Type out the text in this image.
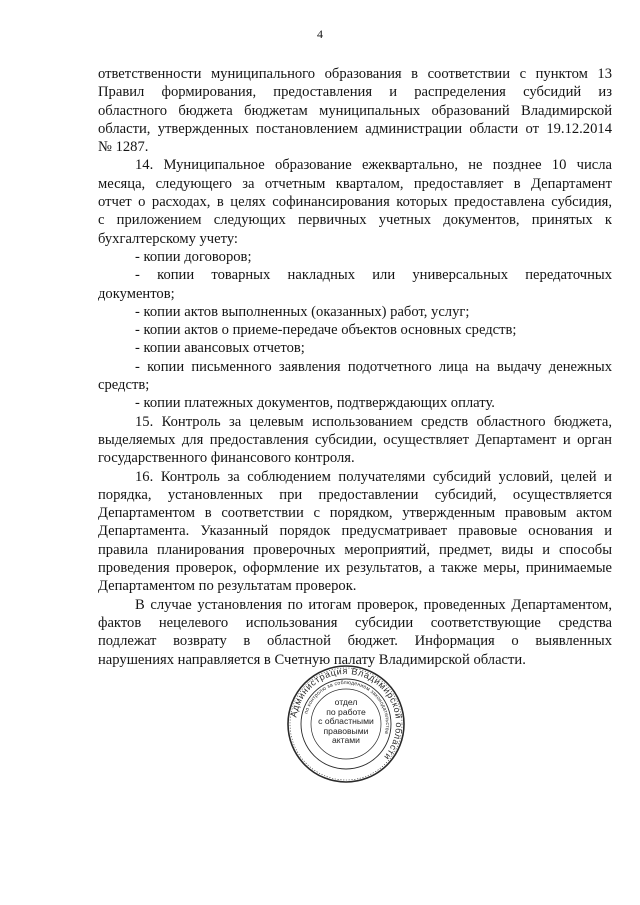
4

ответственности муниципального образования в соответствии с пунктом 13

Правил формирования, предоставления и распределения субсидий из

областного бюджета бюджетам муниципальных образований Владимирской

области, утвержденных постановлением администрации области от 19.12.2014

№ 1287.

14. Муниципальное образование ежеквартально, не позднее 10 числа

месяца, следующего за отчетным кварталом, предоставляет в Департамент

отчет о расходах, в целях софинансирования которых предоставлена субсидия,

с приложением следующих первичных учетных документов, принятых к

бухгалтерскому учету:

- копии договоров;

- копии товарных накладных или универсальных передаточных

документов;

- копии актов выполненных (оказанных) работ, услуг;

- копии актов о приеме-передаче объектов основных средств;

- копии авансовых отчетов;

- копии письменного заявления подотчетного лица на выдачу денежных

средств;

- копии платежных документов, подтверждающих оплату.

15. Контроль за целевым использованием средств областного бюджета,

выделяемых для предоставления субсидии, осуществляет Департамент и орган

государственного финансового контроля.

16. Контроль за соблюдением получателями субсидий условий, целей и

порядка, установленных при предоставлении субсидий, осуществляется

Департаментом в соответствии с порядком, утвержденным правовым актом

Департамента. Указанный порядок предусматривает правовые основания и

правила планирования проверочных мероприятий, предмет, виды и способы

проведения проверок, оформление их результатов, а также меры, принимаемые

Департаментом по результатам проверок.

В случае установления по итогам проверок, проведенных Департаментом,

фактов нецелевого использования субсидии соответствующие средства

подлежат возврату в областной бюджет. Информация о выявленных

нарушениях направляется в Счетную палату Владимирской области.

Администрация Владимирской области
по контролю за соблюдением законодательства
отдел
по работе
с областными
правовыми
актами
